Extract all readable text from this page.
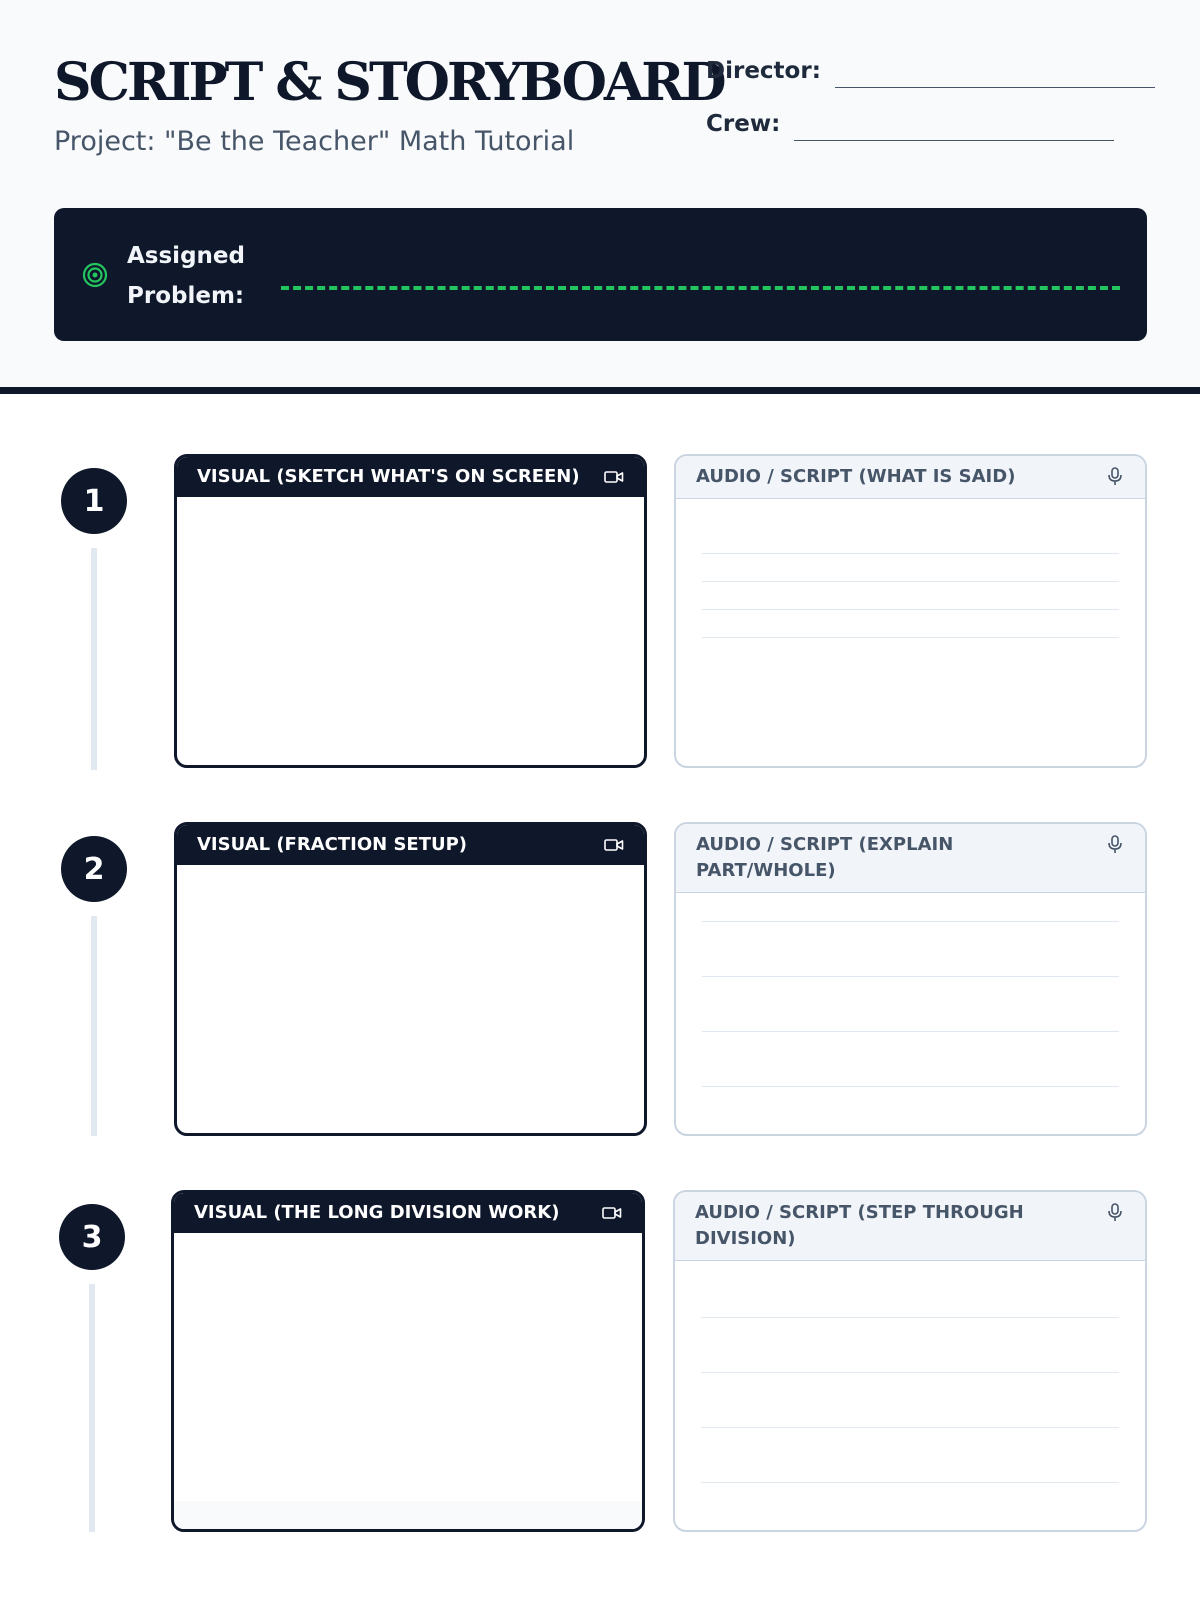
SCRIPT & STORYBOARD
Project: "Be the Teacher" Math Tutorial
Director:
Crew:
Assigned Problem:
1
VISUAL (SKETCH WHAT'S ON SCREEN)	AUDIO / SCRIPT (WHAT IS SAID)
2
VISUAL (FRACTION SETUP)	AUDIO / SCRIPT (EXPLAIN PART/WHOLE)
3
VISUAL (THE LONG DIVISION WORK)	AUDIO / SCRIPT (STEP THROUGH DIVISION)
